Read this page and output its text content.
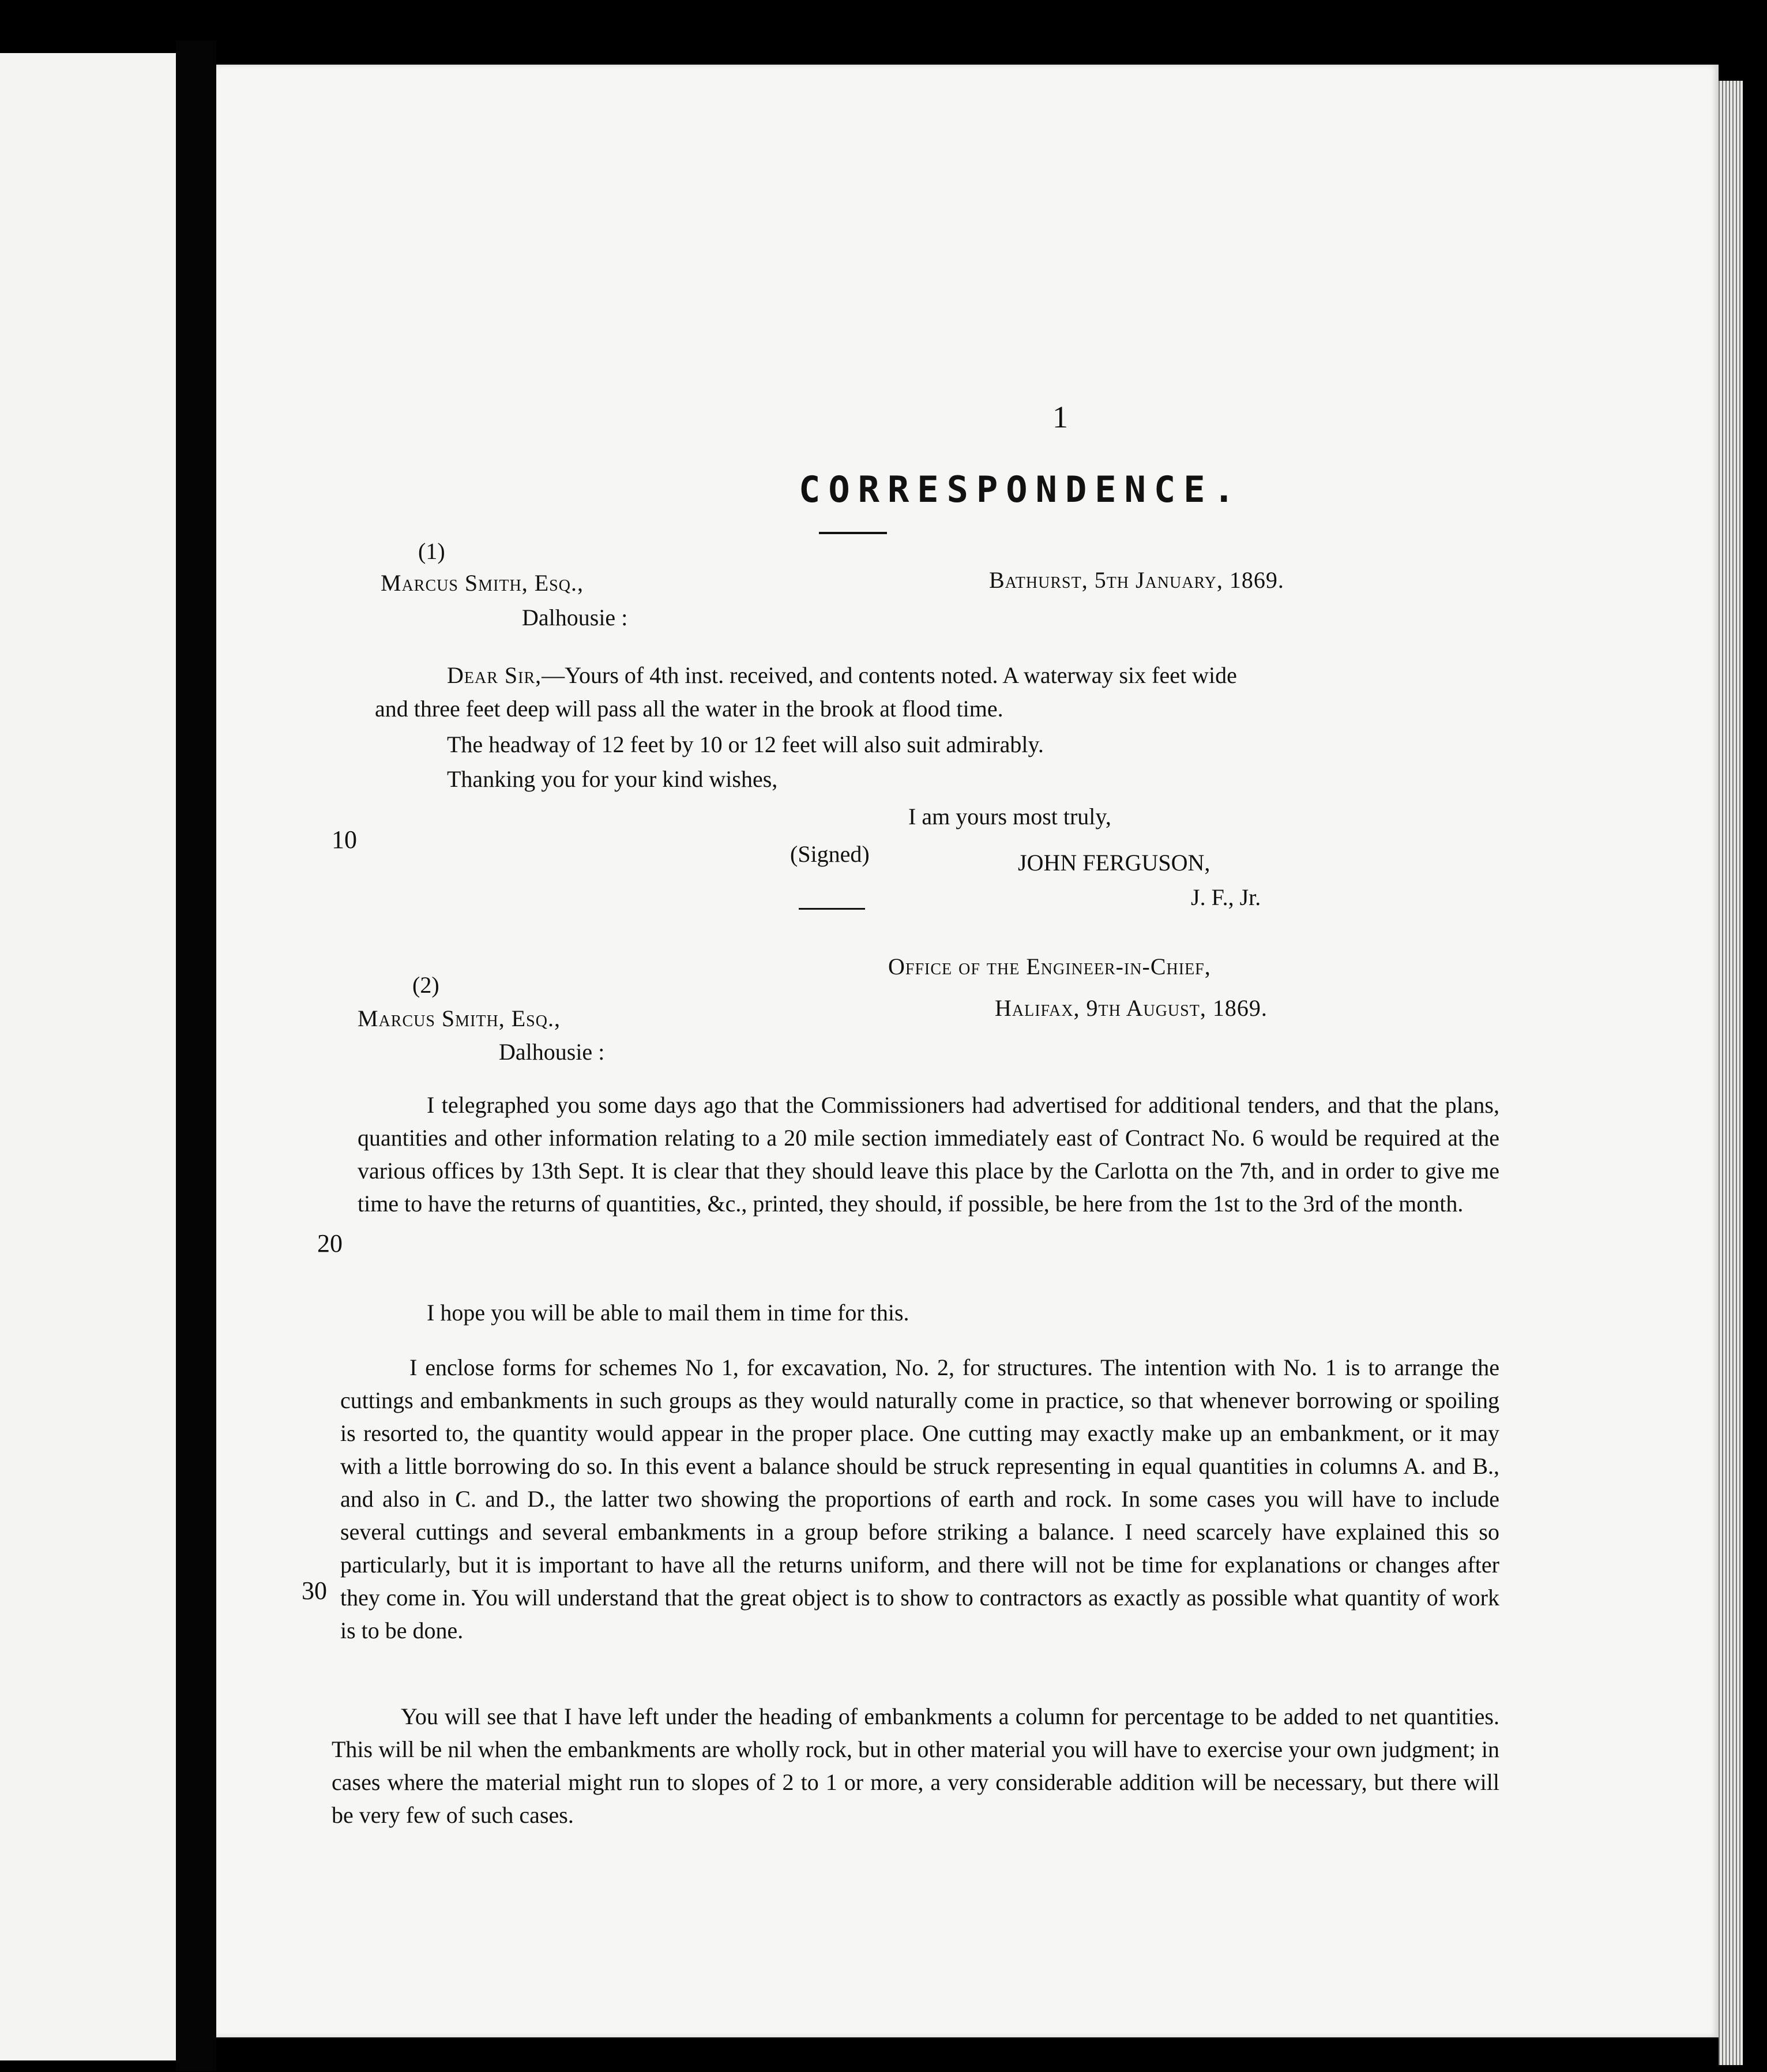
1
CORRESPONDENCE.
(1)
Marcus Smith, Esq.,
Dalhousie :
Bathurst, 5th January, 1869.
Dear Sir,—Yours of 4th inst. received, and contents noted. A waterway six feet wide
and three feet deep will pass all the water in the brook at flood time.
The headway of 12 feet by 10 or 12 feet will also suit admirably.
Thanking you for your kind wishes,
I am yours most truly,
(Signed)	JOHN FERGUSON,
J. F., Jr.
Office of the Engineer-in-Chief,
(2)
Marcus Smith, Esq.,	Halifax, 9th August, 1869.
Dalhousie :
I telegraphed you some days ago that the Commissioners had advertised for additional tenders, and that the plans, quantities and other information relating to a 20 mile section immediately east of Contract No. 6 would be required at the various offices by 13th Sept. It is clear that they should leave this place by the Carlotta on the 7th, and in order to give me time to have the returns of quantities, &c., printed, they should, if possible, be here from the 1st to the 3rd of the month.
I hope you will be able to mail them in time for this.
I enclose forms for schemes No 1, for excavation, No. 2, for structures. The intention with No. 1 is to arrange the cuttings and embankments in such groups as they would naturally come in practice, so that whenever borrowing or spoiling is resorted to, the quantity would appear in the proper place. One cutting may exactly make up an embankment, or it may with a little borrowing do so. In this event a balance should be struck representing in equal quantities in columns A. and B., and also in C. and D., the latter two showing the proportions of earth and rock. In some cases you will have to include several cuttings and several embankments in a group before striking a balance. I need scarcely have explained this so particularly, but it is important to have all the returns uniform, and there will not be time for explanations or changes after they come in. You will understand that the great object is to show to contractors as exactly as possible what quantity of work is to be done.
You will see that I have left under the heading of embankments a column for percentage to be added to net quantities. This will be nil when the embankments are wholly rock, but in other material you will have to exercise your own judgment; in cases where the material might run to slopes of 2 to 1 or more, a very considerable addition will be necessary, but there will be very few of such cases.
10
20
30
